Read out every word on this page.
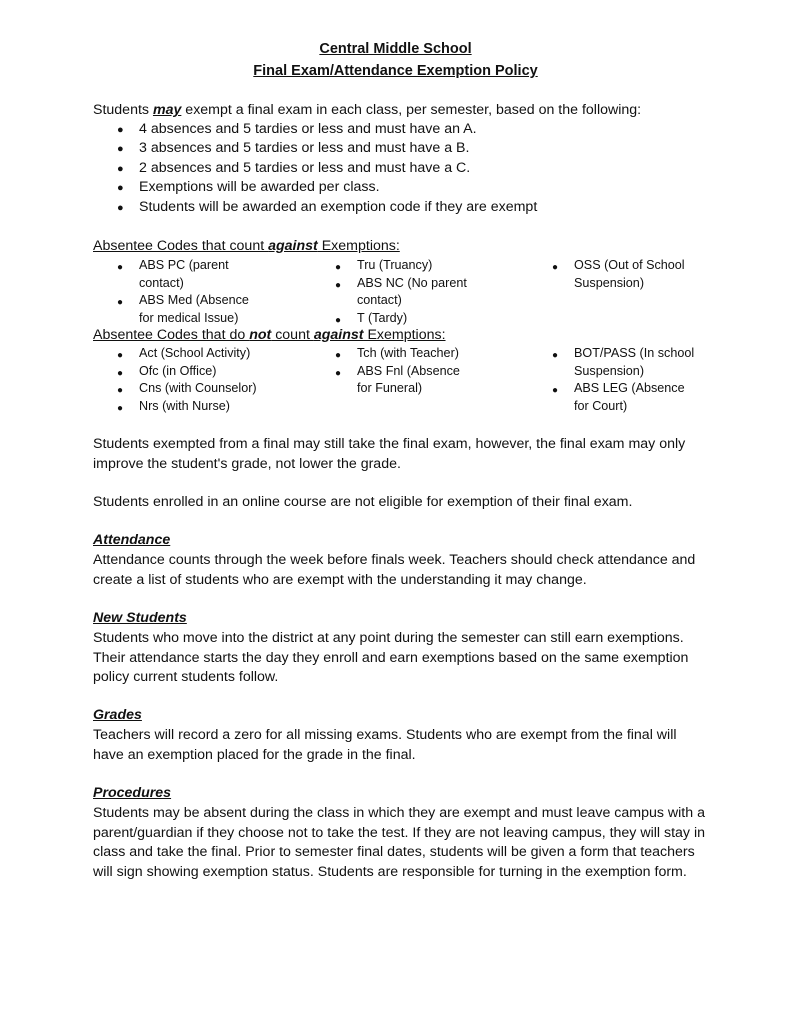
Central Middle School
Final Exam/Attendance Exemption Policy
Students may exempt a final exam in each class, per semester, based on the following:
● 4 absences and 5 tardies or less and must have an A.
● 3 absences and 5 tardies or less and must have a B.
● 2 absences and 5 tardies or less and must have a C.
● Exemptions will be awarded per class.
● Students will be awarded an exemption code if they are exempt
Absentee Codes that count against Exemptions:
● ABS PC (parent
contact)
● ABS Med (Absence
for medical Issue)
● Tru (Truancy)
● ABS NC (No parent
contact)
● T (Tardy)
● OSS (Out of School
Suspension)
Absentee Codes that do not count against Exemptions:
● Act (School Activity)
● Ofc (in Office)
● Cns (with Counselor)
● Nrs (with Nurse)
● Tch (with Teacher)
● ABS Fnl (Absence
for Funeral)
● BOT/PASS (In school
Suspension)
● ABS LEG (Absence
for Court)
Students exempted from a final may still take the final exam, however, the final exam may only improve the student's grade, not lower the grade.
Students enrolled in an online course are not eligible for exemption of their final exam.
Attendance
Attendance counts through the week before finals week. Teachers should check attendance and create a list of students who are exempt with the understanding it may change.
New Students
Students who move into the district at any point during the semester can still earn exemptions. Their attendance starts the day they enroll and earn exemptions based on the same exemption policy current students follow.
Grades
Teachers will record a zero for all missing exams. Students who are exempt from the final will have an exemption placed for the grade in the final.
Procedures
Students may be absent during the class in which they are exempt and must leave campus with a parent/guardian if they choose not to take the test. If they are not leaving campus, they will stay in class and take the final. Prior to semester final dates, students will be given a form that teachers will sign showing exemption status. Students are responsible for turning in the exemption form.
